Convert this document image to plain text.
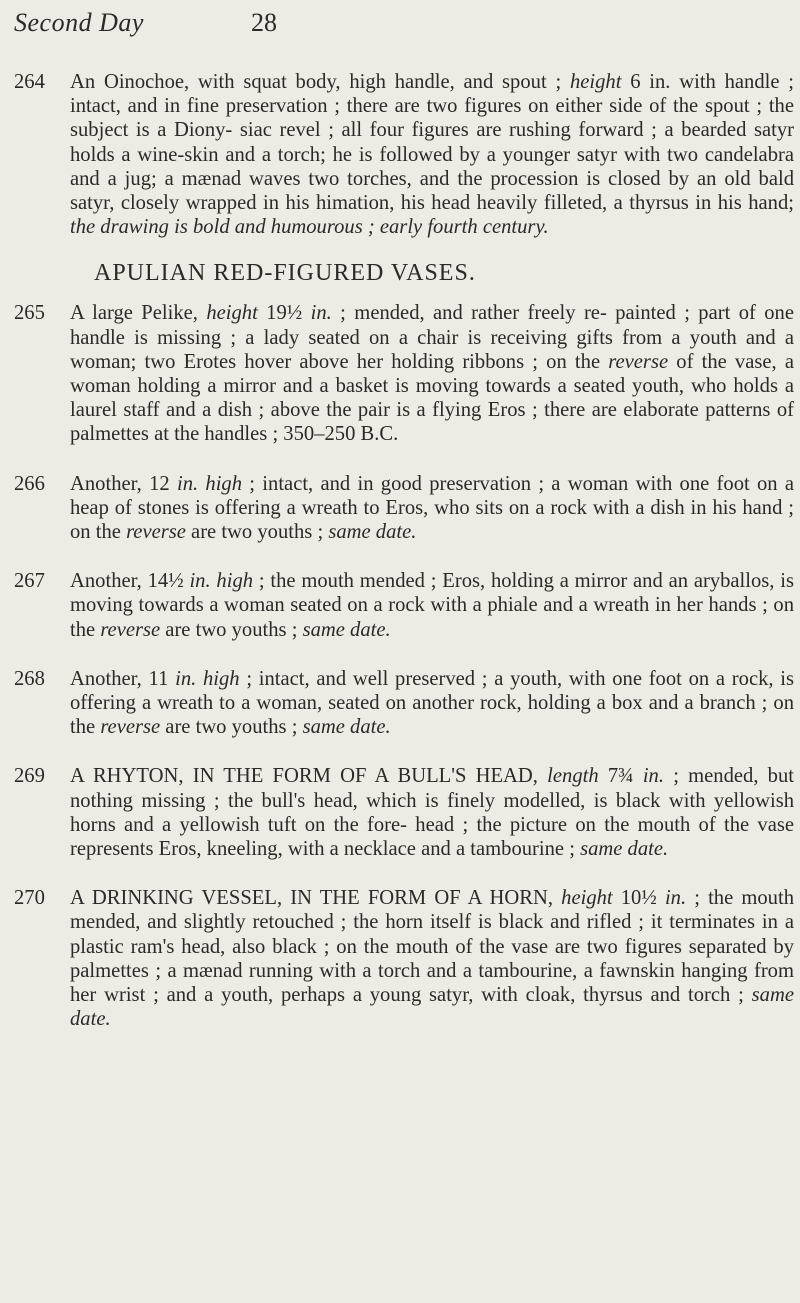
Second Day	28
264	An Oinochoe, with squat body, high handle, and spout ; height 6 in. with handle ; intact, and in fine preservation ; there are two figures on either side of the spout ; the subject is a Diony- siac revel ; all four figures are rushing forward ; a bearded satyr holds a wine-skin and a torch; he is followed by a younger satyr with two candelabra and a jug; a mænad waves two torches, and the procession is closed by an old bald satyr, closely wrapped in his himation, his head heavily filleted, a thyrsus in his hand; the drawing is bold and humourous ; early fourth century.
APULIAN RED-FIGURED VASES.
265	A large Pelike, height 19½ in. ; mended, and rather freely re- painted ; part of one handle is missing ; a lady seated on a chair is receiving gifts from a youth and a woman; two Erotes hover above her holding ribbons ; on the reverse of the vase, a woman holding a mirror and a basket is moving towards a seated youth, who holds a laurel staff and a dish ; above the pair is a flying Eros ; there are elaborate patterns of palmettes at the handles ; 350–250 B.C.
266	Another, 12 in. high ; intact, and in good preservation ; a woman with one foot on a heap of stones is offering a wreath to Eros, who sits on a rock with a dish in his hand ; on the reverse are two youths ; same date.
267	Another, 14½ in. high ; the mouth mended ; Eros, holding a mirror and an aryballos, is moving towards a woman seated on a rock with a phiale and a wreath in her hands ; on the reverse are two youths ; same date.
268	Another, 11 in. high ; intact, and well preserved ; a youth, with one foot on a rock, is offering a wreath to a woman, seated on another rock, holding a box and a branch ; on the reverse are two youths ; same date.
269	A RHYTON, IN THE FORM OF A BULL'S HEAD, length 7¾ in. ; mended, but nothing missing ; the bull's head, which is finely modelled, is black with yellowish horns and a yellowish tuft on the fore- head ; the picture on the mouth of the vase represents Eros, kneeling, with a necklace and a tambourine ; same date.
270	A DRINKING VESSEL, IN THE FORM OF A HORN, height 10½ in. ; the mouth mended, and slightly retouched ; the horn itself is black and rifled ; it terminates in a plastic ram's head, also black ; on the mouth of the vase are two figures separated by palmettes ; a mænad running with a torch and a tambourine, a fawnskin hanging from her wrist ; and a youth, perhaps a young satyr, with cloak, thyrsus and torch ; same date.
